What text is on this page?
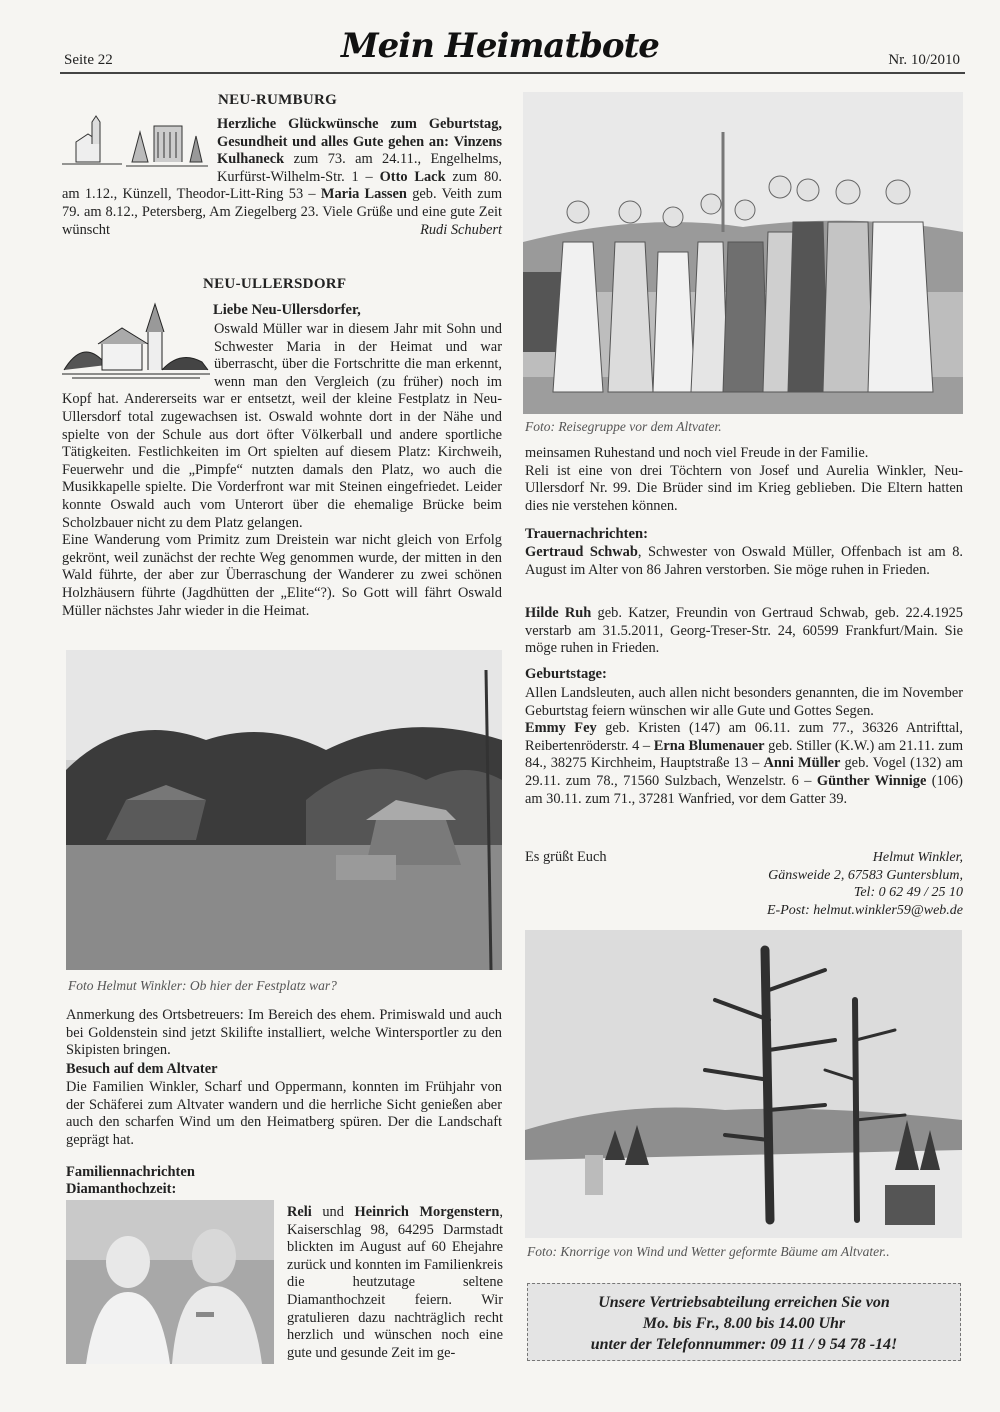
Seite 22	Mein Heimatbote	Nr. 10/2010
NEU-RUMBURG
Herzliche Glückwünsche zum Geburtstag, Gesundheit und alles Gute gehen an: Vinzens Kulhaneck zum 73. am 24.11., Engelhelms, Kurfürst-Wilhelm-Str. 1 – Otto Lack zum 80. am 1.12., Künzell, Theodor-Litt-Ring 53 – Maria Lassen geb. Veith zum 79. am 8.12., Petersberg, Am Ziegelberg 23. Viele Grüße und eine gute Zeit wünscht	Rudi Schubert
NEU-ULLERSDORF
Liebe Neu-Ullersdorfer,

Oswald Müller war in diesem Jahr mit Sohn und Schwester Maria in der Heimat und war überrascht, über die Fortschritte die man erkennt, wenn man den Vergleich (zu früher) noch im Kopf hat. Andererseits war er entsetzt, weil der kleine Festplatz in Neu-Ullersdorf total zugewachsen ist. Oswald wohnte dort in der Nähe und spielte von der Schule aus dort öfter Völkerball und andere sportliche Tätigkeiten. Festlichkeiten im Ort spielten auf diesem Platz: Kirchweih, Feuerwehr und die „Pimpfe“ nutzten damals den Platz, wo auch die Musikkapelle spielte. Die Vorderfront war mit Steinen eingefriedet. Leider konnte Oswald auch vom Unterort über die ehemalige Brücke beim Scholzbauer nicht zu dem Platz gelangen.

Eine Wanderung vom Primitz zum Dreistein war nicht gleich von Erfolg gekrönt, weil zunächst der rechte Weg genommen wurde, der mitten in den Wald führte, der aber zur Überraschung der Wanderer zu zwei schönen Holzhäusern führte (Jagdhütten der „Elite“?). So Gott will fährt Oswald Müller nächstes Jahr wieder in die Heimat.

Foto Helmut Winkler: Ob hier der Festplatz war?
Anmerkung des Ortsbetreuers: Im Bereich des ehem. Primiswald und auch bei Goldenstein sind jetzt Skilifte installiert, welche Wintersportler zu den Skipisten bringen.
Besuch auf dem Altvater
Die Familien Winkler, Scharf und Oppermann, konnten im Frühjahr von der Schäferei zum Altvater wandern und die herrliche Sicht genießen aber auch den scharfen Wind um den Heimatberg spüren. Der die Landschaft geprägt hat.
Familiennachrichten
Diamanthochzeit:
Reli und Heinrich Morgenstern, Kaiserschlag 98, 64295 Darmstadt blickten im August auf 60 Ehejahre zurück und konnten im Familienkreis die heutzutage seltene Diamanthochzeit feiern. Wir gratulieren dazu nachträglich recht herzlich und wünschen noch eine gute und gesunde Zeit im ge-
Foto: Reisegruppe vor dem Altvater.

meinsamen Ruhestand und noch viel Freude in der Familie.

Reli ist eine von drei Töchtern von Josef und Aurelia Winkler, Neu-Ullersdorf Nr. 99. Die Brüder sind im Krieg geblieben. Die Eltern hatten dies nie verstehen können.

Trauernachrichten:
Gertraud Schwab, Schwester von Oswald Müller, Offenbach ist am 8. August im Alter von 86 Jahren verstorben. Sie möge ruhen in Frieden.
Hilde Ruh geb. Katzer, Freundin von Gertraud Schwab, geb. 22.4.1925 verstarb am 31.5.2011, Georg-Treser-Str. 24, 60599 Frankfurt/Main. Sie möge ruhen in Frieden.
Geburtstage:

Allen Landsleuten, auch allen nicht besonders genannten, die im November Geburtstag feiern wünschen wir alle Gute und Gottes Segen.

Emmy Fey geb. Kristen (147) am 06.11. zum 77., 36326 Antrifttal, Reibertenröderstr. 4 – Erna Blumenauer geb. Stiller (K.W.) am 21.11. zum 84., 38275 Kirchheim, Hauptstraße 13 – Anni Müller geb. Vogel (132) am 29.11. zum 78., 71560 Sulzbach, Wenzelstr. 6 – Günther Winnige (106) am 30.11. zum 71., 37281 Wanfried, vor dem Gatter 39.

Es grüßt Euch	Helmut Winkler,
Gänsweide 2, 67583 Guntersblum,
Tel: 0 62 49 / 25 10
E-Post: helmut.winkler59@web.de
Foto: Knorrige von Wind und Wetter geformte Bäume am Altvater..
Unsere Vertriebsabteilung erreichen Sie von
Mo. bis Fr., 8.00 bis 14.00 Uhr
unter der Telefonnummer: 09 11 / 9 54 78 -14!
